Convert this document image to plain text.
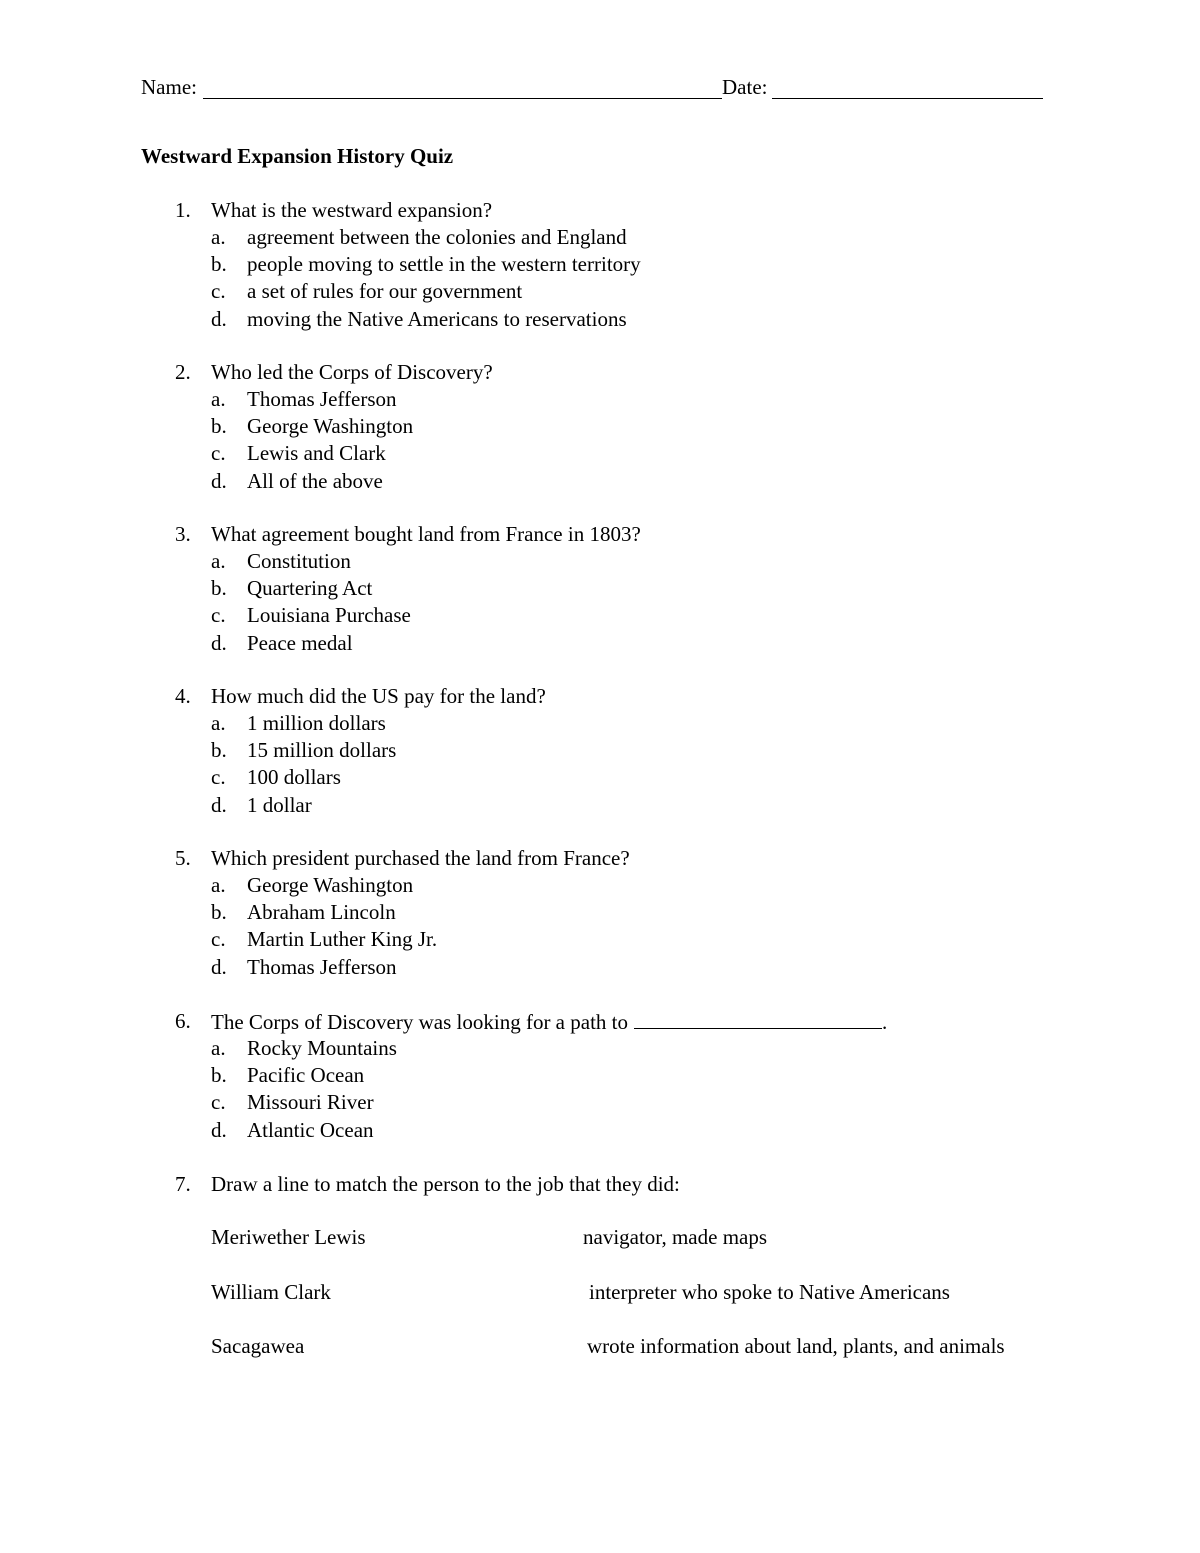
Name:	Date:
Westward Expansion History Quiz
1. What is the westward expansion?
a. agreement between the colonies and England
b. people moving to settle in the western territory
c. a set of rules for our government
d. moving the Native Americans to reservations
2. Who led the Corps of Discovery?
a. Thomas Jefferson
b. George Washington
c. Lewis and Clark
d. All of the above
3. What agreement bought land from France in 1803?
a. Constitution
b. Quartering Act
c. Louisiana Purchase
d. Peace medal
4. How much did the US pay for the land?
a. 1 million dollars
b. 15 million dollars
c. 100 dollars
d. 1 dollar
5. Which president purchased the land from France?
a. George Washington
b. Abraham Lincoln
c. Martin Luther King Jr.
d. Thomas Jefferson
6. The Corps of Discovery was looking for a path to	.
a. Rocky Mountains
b. Pacific Ocean
c. Missouri River
d. Atlantic Ocean
7. Draw a line to match the person to the job that they did:
Meriwether Lewis	navigator, made maps
William Clark	interpreter who spoke to Native Americans
Sacagawea	wrote information about land, plants, and animals
